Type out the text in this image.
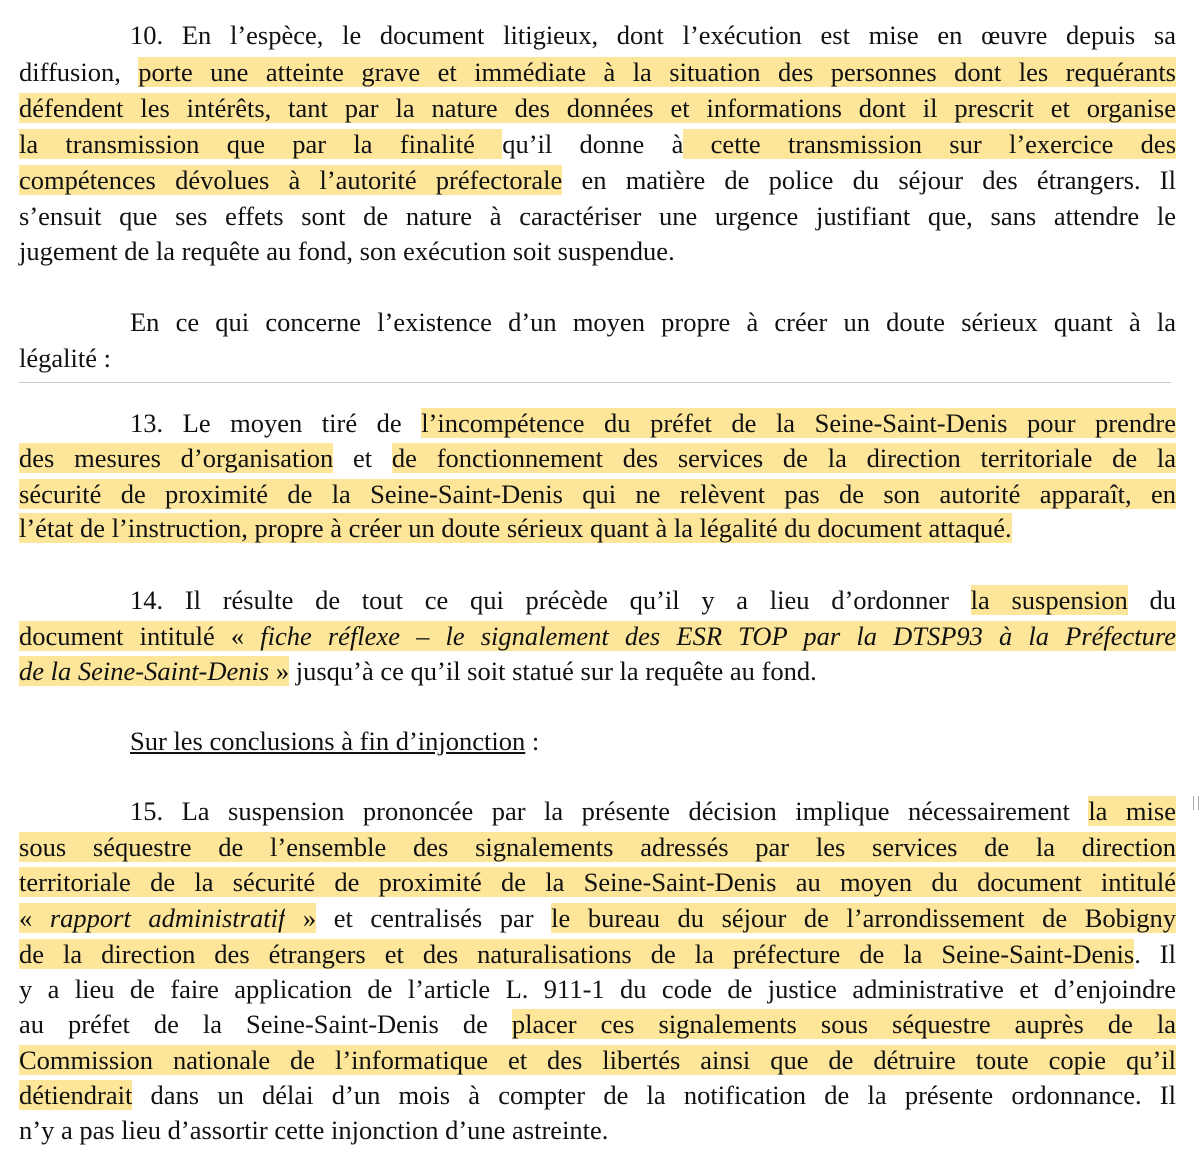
10. En l’espèce, le document litigieux, dont l’exécution est mise en œuvre depuis sa
diffusion, porte une atteinte grave et immédiate à la situation des personnes dont les requérants
défendent les intérêts, tant par la nature des données et informations dont il prescrit et organise
la transmission que par la finalité qu’il donne à cette transmission sur l’exercice des
compétences dévolues à l’autorité préfectorale en matière de police du séjour des étrangers. Il
s’ensuit que ses effets sont de nature à caractériser une urgence justifiant que, sans attendre le
jugement de la requête au fond, son exécution soit suspendue.
En ce qui concerne l’existence d’un moyen propre à créer un doute sérieux quant à la
légalité :
13. Le moyen tiré de l’incompétence du préfet de la Seine-Saint-Denis pour prendre
des mesures d’organisation et de fonctionnement des services de la direction territoriale de la
sécurité de proximité de la Seine-Saint-Denis qui ne relèvent pas de son autorité apparaît, en
l’état de l’instruction, propre à créer un doute sérieux quant à la légalité du document attaqué.
14. Il résulte de tout ce qui précède qu’il y a lieu d’ordonner la suspension du
document intitulé « fiche réflexe – le signalement des ESR TOP par la DTSP93 à la Préfecture
de la Seine-Saint-Denis » jusqu’à ce qu’il soit statué sur la requête au fond.
Sur les conclusions à fin d’injonction :
15. La suspension prononcée par la présente décision implique nécessairement la mise
sous séquestre de l’ensemble des signalements adressés par les services de la direction
territoriale de la sécurité de proximité de la Seine-Saint-Denis au moyen du document intitulé
« rapport administratif » et centralisés par le bureau du séjour de l’arrondissement de Bobigny
de la direction des étrangers et des naturalisations de la préfecture de la Seine-Saint-Denis. Il
y a lieu de faire application de l’article L. 911-1 du code de justice administrative et d’enjoindre
au préfet de la Seine-Saint-Denis de placer ces signalements sous séquestre auprès de la
Commission nationale de l’informatique et des libertés ainsi que de détruire toute copie qu’il
détiendrait dans un délai d’un mois à compter de la notification de la présente ordonnance. Il
n’y a pas lieu d’assortir cette injonction d’une astreinte.
